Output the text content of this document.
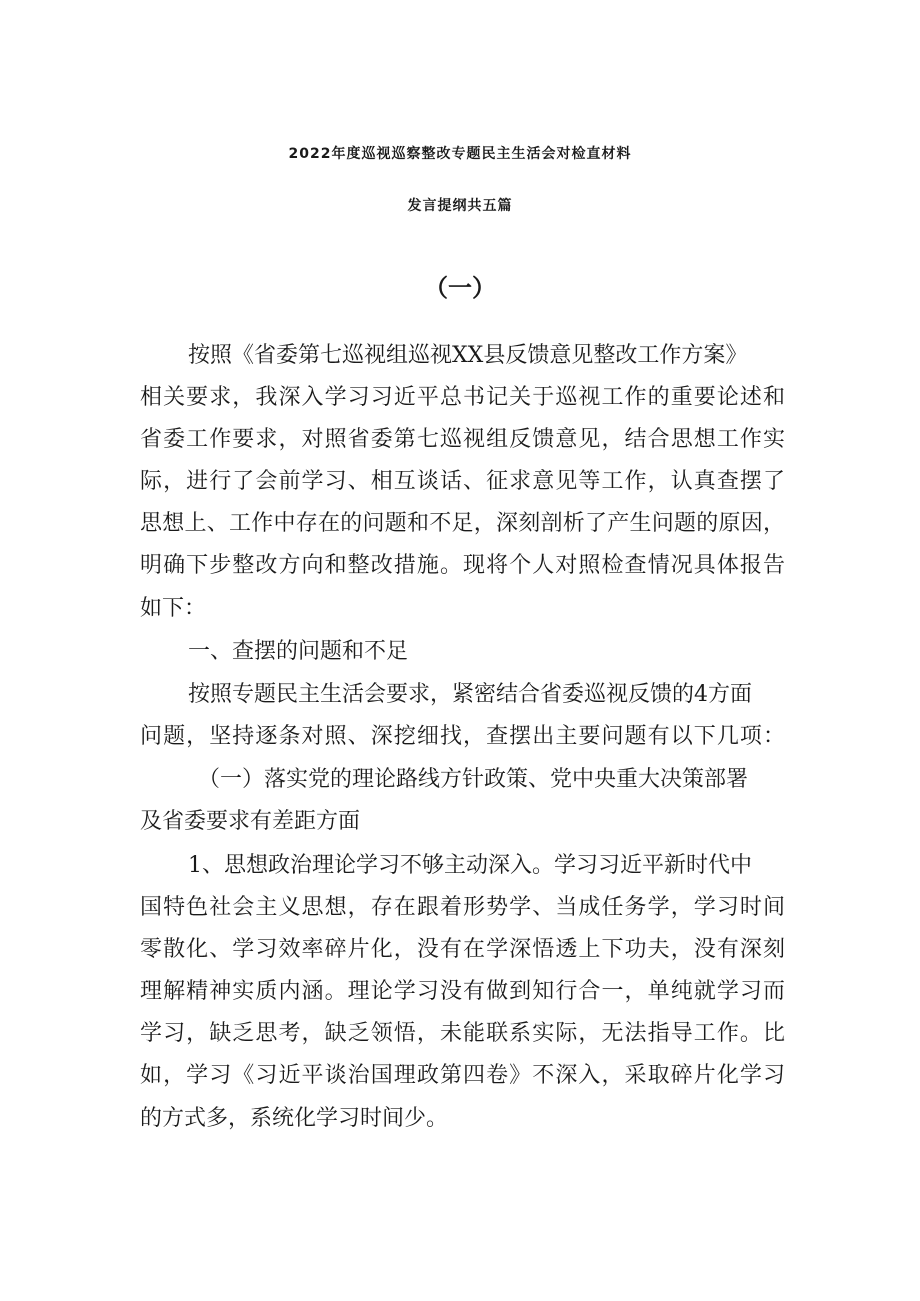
2022年度巡视巡察整改专题民主生活会对检直材料
发言提纲共五篇
（一）
按照《省委第七巡视组巡视XX县反馈意见整改工作方案》
相关要求，我深入学习习近平总书记关于巡视工作的重要论述和
省委工作要求，对照省委第七巡视组反馈意见，结合思想工作实
际，进行了会前学习、相互谈话、征求意见等工作，认真查摆了
思想上、工作中存在的问题和不足，深刻剖析了产生问题的原因，
明确下步整改方向和整改措施。现将个人对照检查情况具体报告
如下：
一、查摆的问题和不足
按照专题民主生活会要求，紧密结合省委巡视反馈的4方面
问题，坚持逐条对照、深挖细找，查摆出主要问题有以下几项：
（一）落实党的理论路线方针政策、党中央重大决策部署
及省委要求有差距方面
1、思想政治理论学习不够主动深入。学习习近平新时代中
国特色社会主义思想，存在跟着形势学、当成任务学，学习时间
零散化、学习效率碎片化，没有在学深悟透上下功夫，没有深刻
理解精神实质内涵。理论学习没有做到知行合一，单纯就学习而
学习，缺乏思考，缺乏领悟，未能联系实际，无法指导工作。比
如，学习《习近平谈治国理政第四卷》不深入，采取碎片化学习
的方式多，系统化学习时间少。
